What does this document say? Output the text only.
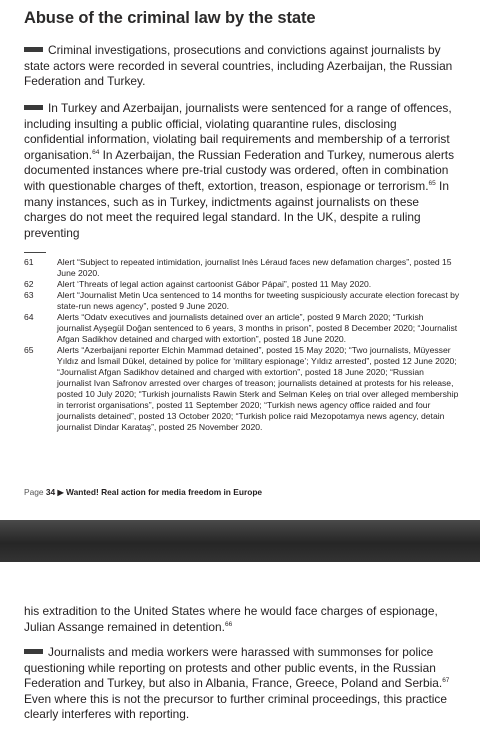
Abuse of the criminal law by the state

Criminal investigations, prosecutions and convictions against journalists by state actors were recorded in several countries, including Azerbaijan, the Russian Federation and Turkey.

In Turkey and Azerbaijan, journalists were sentenced for a range of offences, including insulting a public official, violating quarantine rules, disclosing confidential information, violating bail requirements and membership of a terrorist organisation.$^{64}$ In Azerbaijan, the Russian Federation and Turkey, numerous alerts documented instances where pre-trial custody was ordered, often in combination with questionable charges of theft, extortion, treason, espionage or terrorism.$^{65}$ In many instances, such as in Turkey, indictments against journalists on these charges do not meet the required legal standard. In the UK, despite a ruling preventing

61	Alert “Subject to repeated intimidation, journalist Inès Léraud faces new defamation charges”, posted 15 June 2020.
62	Alert ‘Threats of legal action against cartoonist Gábor Pápai”, posted 11 May 2020.
63	Alert “Journalist Metin Uca sentenced to 14 months for tweeting suspiciously accurate election forecast by state-run news agency”, posted 9 June 2020.
64	Alerts “Odatv executives and journalists detained over an article”, posted 9 March 2020; “Turkish journalist Ayşegül Doğan sentenced to 6 years, 3 months in prison”, posted 8 December 2020; “Journalist Afgan Sadikhov detained and charged with extortion”, posted 18 June 2020.
65	Alerts “Azerbaijani reporter Elchin Mammad detained”, posted 15 May 2020; “Two journalists, Müyesser Yıldız and İsmail Dükel, detained by police for ‘military espionage’; Yıldız arrested”, posted 12 June 2020; “Journalist Afgan Sadikhov detained and charged with extortion”, posted 18 June 2020; “Russian journalist Ivan Safronov arrested over charges of treason; journalists detained at protests for his release, posted 10 July 2020; “Turkish journalists Rawin Sterk and Selman Keleş on trial over alleged membership in terrorist organisations”, posted 11 September 2020; “Turkish news agency office raided and four journalists detained”, posted 13 October 2020; “Turkish police raid Mezopotamya news agency, detain journalist Dindar Karataş”, posted 25 November 2020.
Page 34 ▶ Wanted! Real action for media freedom in Europe

his extradition to the United States where he would face charges of espionage, Julian Assange remained in detention.$^{66}$

Journalists and media workers were harassed with summonses for police questioning while reporting on protests and other public events, in the Russian Federation and Turkey, but also in Albania, France, Greece, Poland and Serbia.$^{67}$ Even where this is not the precursor to further criminal proceedings, this practice clearly interferes with reporting.
